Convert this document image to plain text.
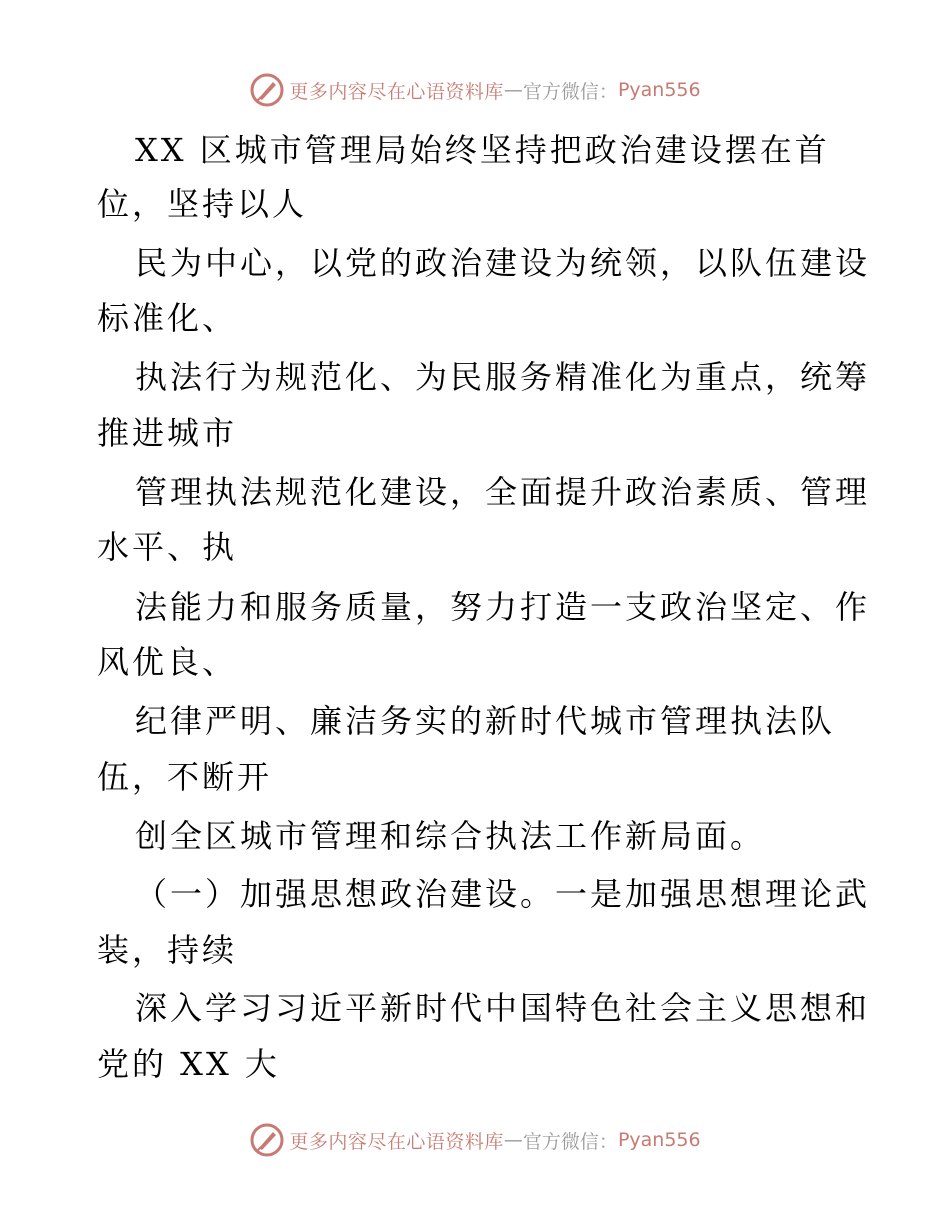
更多内容尽在心语资料库 — 官方微信： Pyan556
XX 区城市管理局始终坚持把政治建设摆在首
位，坚持以人
民为中心，以党的政治建设为统领，以队伍建设
标准化、
执法行为规范化、为民服务精准化为重点，统筹
推进城市
管理执法规范化建设，全面提升政治素质、管理
水平、执
法能力和服务质量，努力打造一支政治坚定、作
风优良、
纪律严明、廉洁务实的新时代城市管理执法队
伍，不断开
创全区城市管理和综合执法工作新局面。
（一）加强思想政治建设。一是加强思想理论武
装，持续
深入学习习近平新时代中国特色社会主义思想和
党的 XX 大
更多内容尽在心语资料库 — 官方微信： Pyan556
